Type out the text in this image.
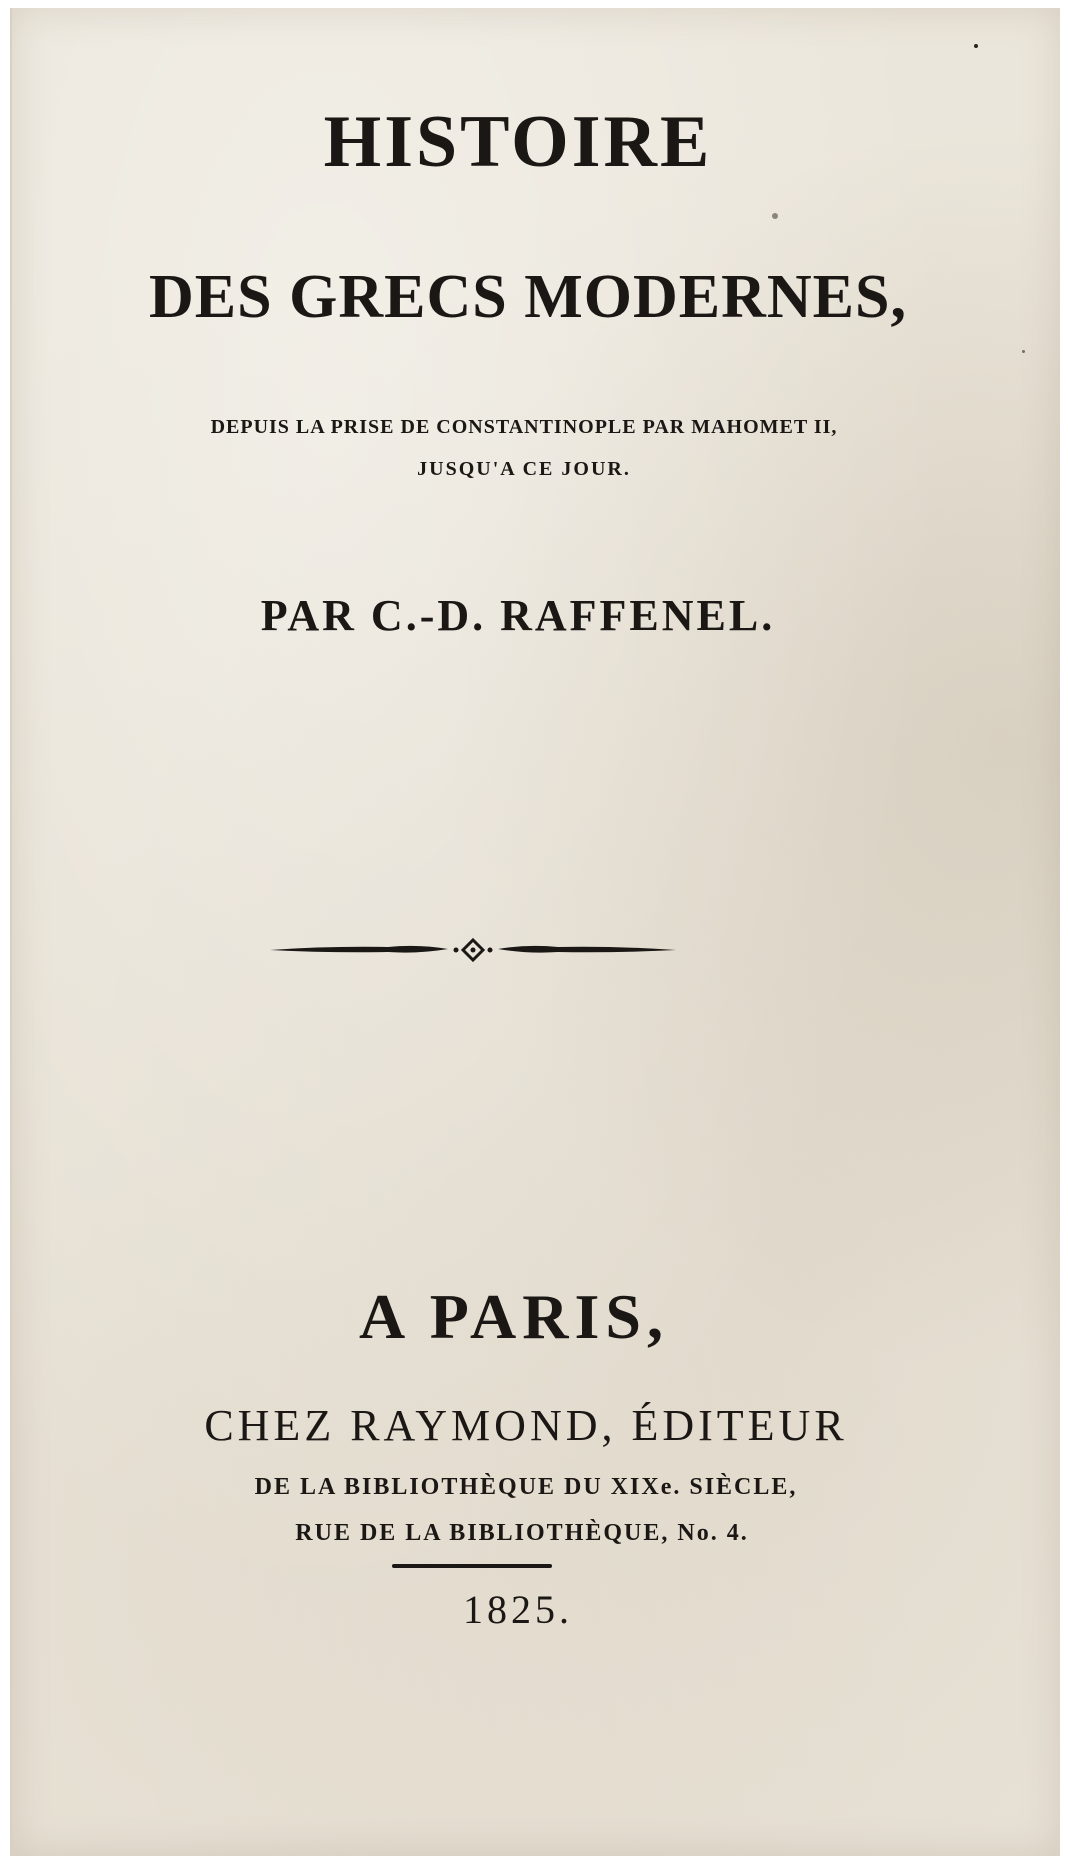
HISTOIRE
DES GRECS MODERNES,
DEPUIS LA PRISE DE CONSTANTINOPLE PAR MAHOMET II,
JUSQU'A CE JOUR.
PAR C.-D. RAFFENEL.
A PARIS,
CHEZ RAYMOND, ÉDITEUR
DE LA BIBLIOTHÈQUE DU XIXe. SIÈCLE,
RUE DE LA BIBLIOTHÈQUE, No. 4.
1825.
